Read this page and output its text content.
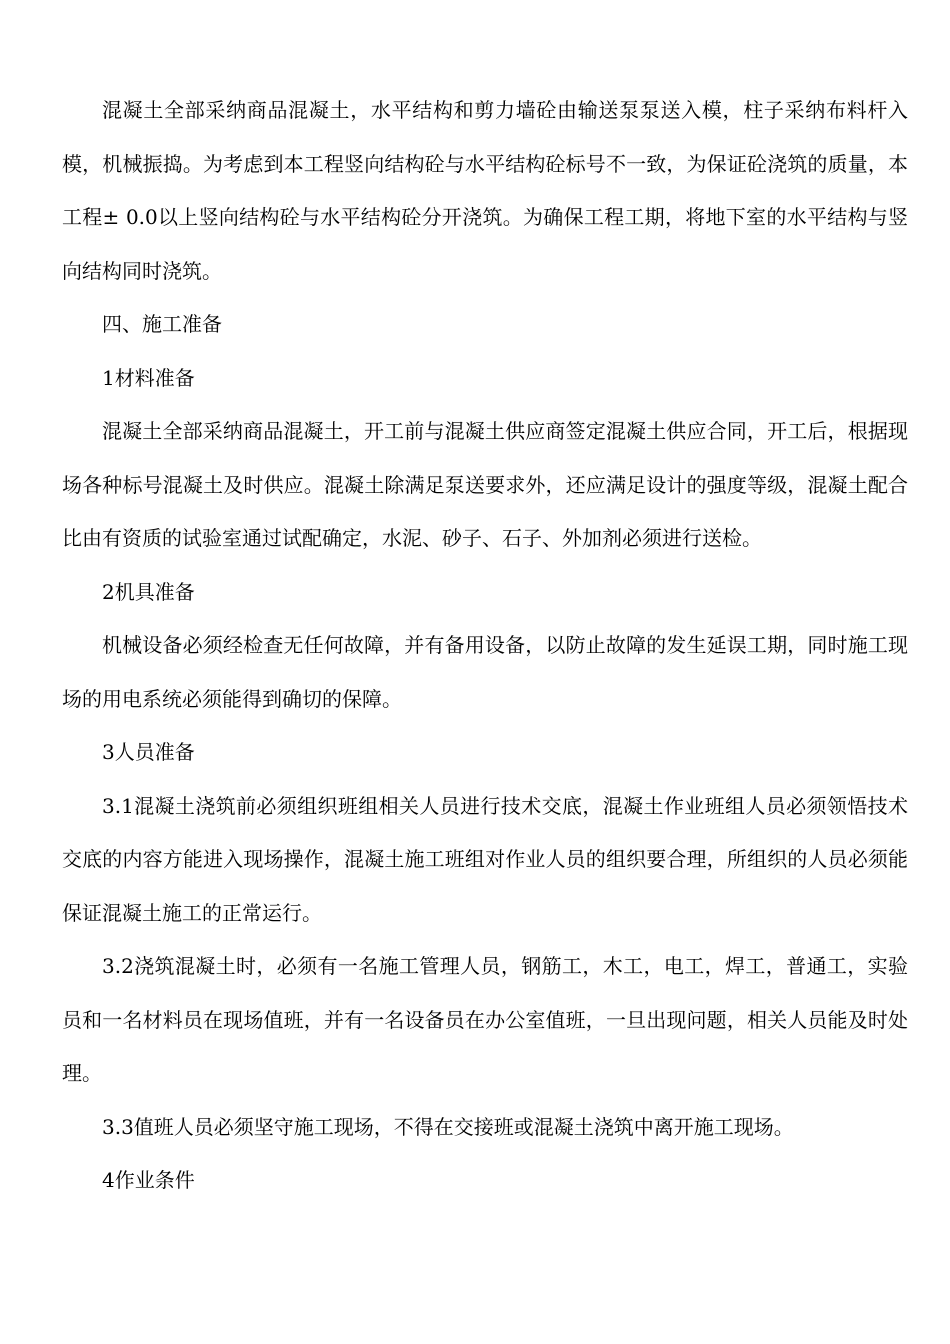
混凝土全部采纳商品混凝土，水平结构和剪力墙砼由输送泵泵送入模，柱子采纳布料杆入模，机械振捣。为考虑到本工程竖向结构砼与水平结构砼标号不一致，为保证砼浇筑的质量，本工程± 0.0以上竖向结构砼与水平结构砼分开浇筑。为确保工程工期，将地下室的水平结构与竖向结构同时浇筑。

四、施工准备

1材料准备

混凝土全部采纳商品混凝土，开工前与混凝土供应商签定混凝土供应合同，开工后，根据现场各种标号混凝土及时供应。混凝土除满足泵送要求外，还应满足设计的强度等级，混凝土配合比由有资质的试验室通过试配确定，水泥、砂子、石子、外加剂必须进行送检。

2机具准备

机械设备必须经检查无任何故障，并有备用设备，以防止故障的发生延误工期，同时施工现场的用电系统必须能得到确切的保障。

3人员准备

3.1混凝土浇筑前必须组织班组相关人员进行技术交底，混凝土作业班组人员必须领悟技术交底的内容方能进入现场操作，混凝土施工班组对作业人员的组织要合理，所组织的人员必须能保证混凝土施工的正常运行。

3.2浇筑混凝土时，必须有一名施工管理人员，钢筋工，木工，电工，焊工，普通工，实验员和一名材料员在现场值班，并有一名设备员在办公室值班，一旦出现问题，相关人员能及时处理。

3.3值班人员必须坚守施工现场，不得在交接班或混凝土浇筑中离开施工现场。

4作业条件
